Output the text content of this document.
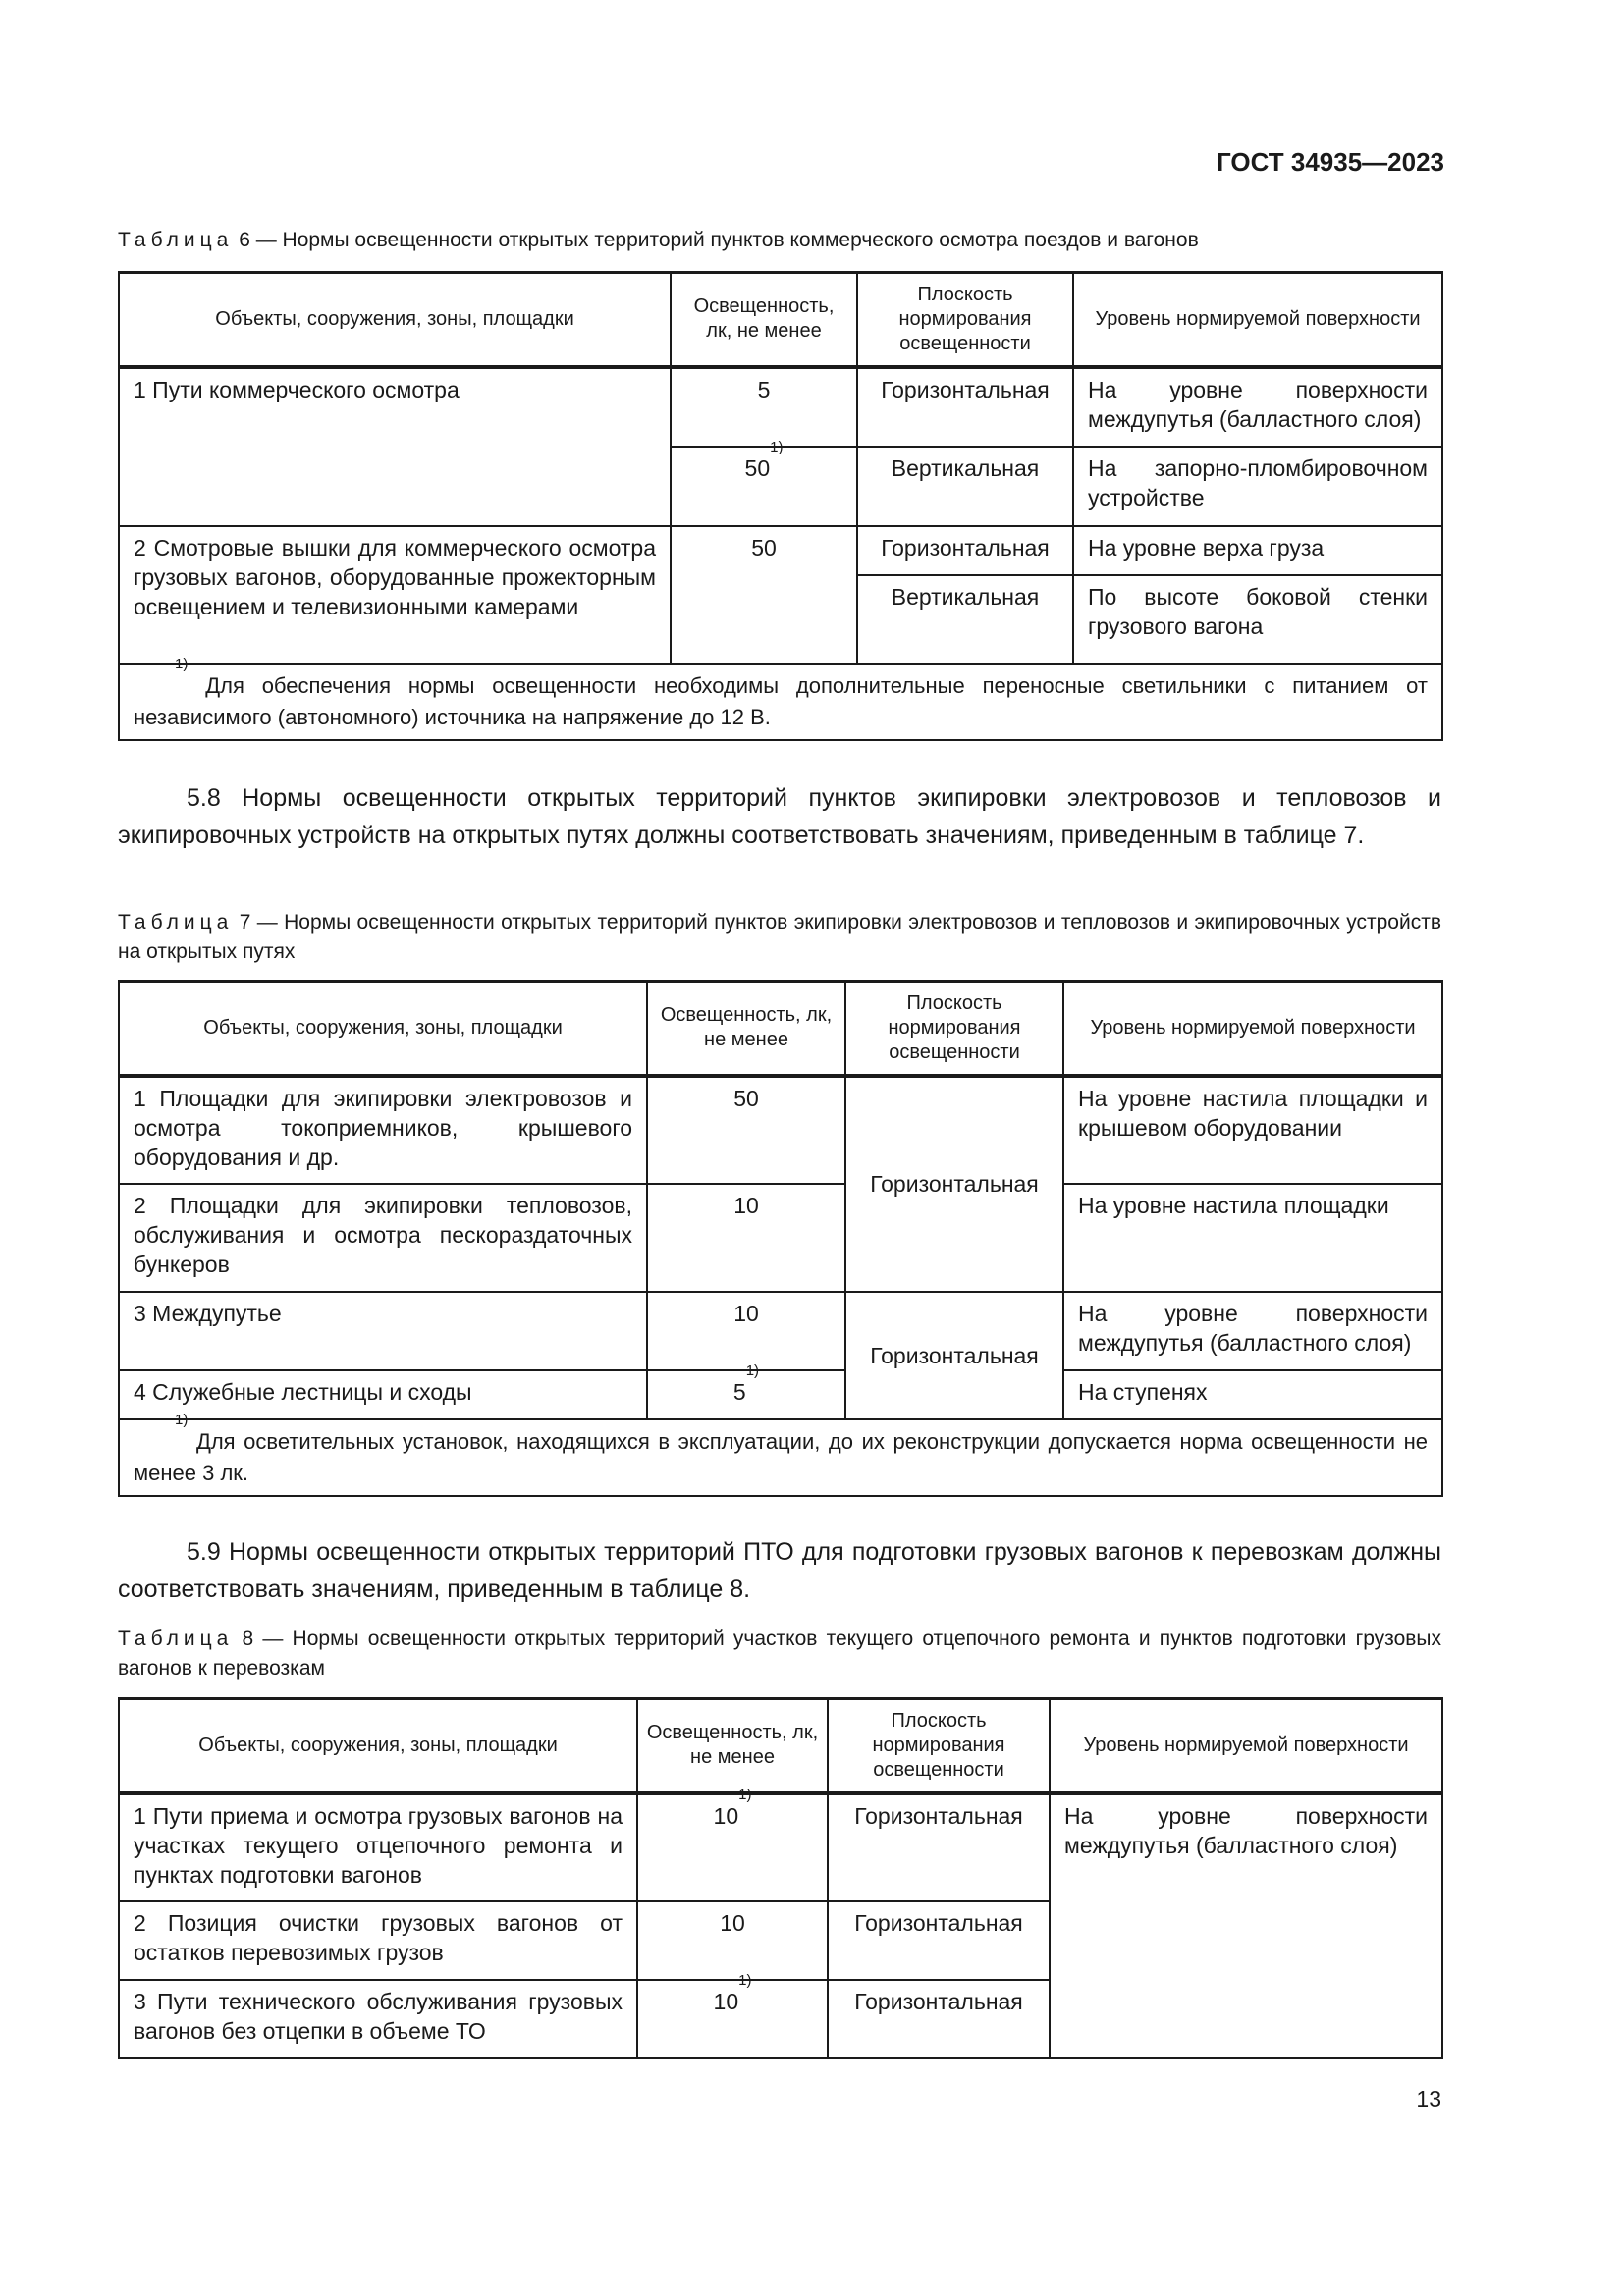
ГОСТ 34935—2023
Таблица 6 — Нормы освещенности открытых территорий пунктов коммерческого осмотра поездов и вагонов
Объекты, сооружения, зоны, площадки	Освещенность, лк, не менее	Плоскость нормирования освещенности	Уровень нормируемой поверхности
1 Пути коммерческого осмотра	5	Горизонтальная	На уровне поверхности междупутья (балластного слоя)
	50$^{1)}$	Вертикальная	На запорно-пломбировочном устройстве
2 Смотровые вышки для коммерческого осмотра грузовых вагонов, оборудованные прожекторным освещением и телевизионными камерами	50	Горизонтальная	На уровне верха груза
		Вертикальная	По высоте боковой стенки грузового вагона
$^{1)}$ Для обеспечения нормы освещенности необходимы дополнительные переносные светильники с питанием от независимого (автономного) источника на напряжение до 12 В.			
5.8 Нормы освещенности открытых территорий пунктов экипировки электровозов и тепловозов и экипировочных устройств на открытых путях должны соответствовать значениям, приведенным в таблице 7.
Таблица 7 — Нормы освещенности открытых территорий пунктов экипировки электровозов и тепловозов и экипировочных устройств на открытых путях
Объекты, сооружения, зоны, площадки	Освещенность, лк, не менее	Плоскость нормирования освещенности	Уровень нормируемой поверхности
1 Площадки для экипировки электровозов и осмотра токоприемников, крышевого оборудования и др.	50	Горизонтальная	На уровне настила площадки и крышевом оборудовании
2 Площадки для экипировки тепловозов, обслуживания и осмотра пескораздаточных бункеров	10		На уровне настила площадки
3 Междупутье	10	Горизонтальная	На уровне поверхности междупутья (балластного слоя)
4 Служебные лестницы и сходы	5$^{1)}$		На ступенях
$^{1)}$ Для осветительных установок, находящихся в эксплуатации, до их реконструкции допускается норма освещенности не менее 3 лк.			
5.9 Нормы освещенности открытых территорий ПТО для подготовки грузовых вагонов к перевозкам должны соответствовать значениям, приведенным в таблице 8.
Таблица 8 — Нормы освещенности открытых территорий участков текущего отцепочного ремонта и пунктов подготовки грузовых вагонов к перевозкам
Объекты, сооружения, зоны, площадки	Освещенность, лк, не менее	Плоскость нормирования освещенности	Уровень нормируемой поверхности
1 Пути приема и осмотра грузовых вагонов на участках текущего отцепочного ремонта и пунктах подготовки вагонов	10$^{1)}$	Горизонтальная	На уровне поверхности междупутья (балластного слоя)
2 Позиция очистки грузовых вагонов от остатков перевозимых грузов	10	Горизонтальная	
3 Пути технического обслуживания грузовых вагонов без отцепки в объеме ТО	10$^{1)}$	Горизонтальная	
13
